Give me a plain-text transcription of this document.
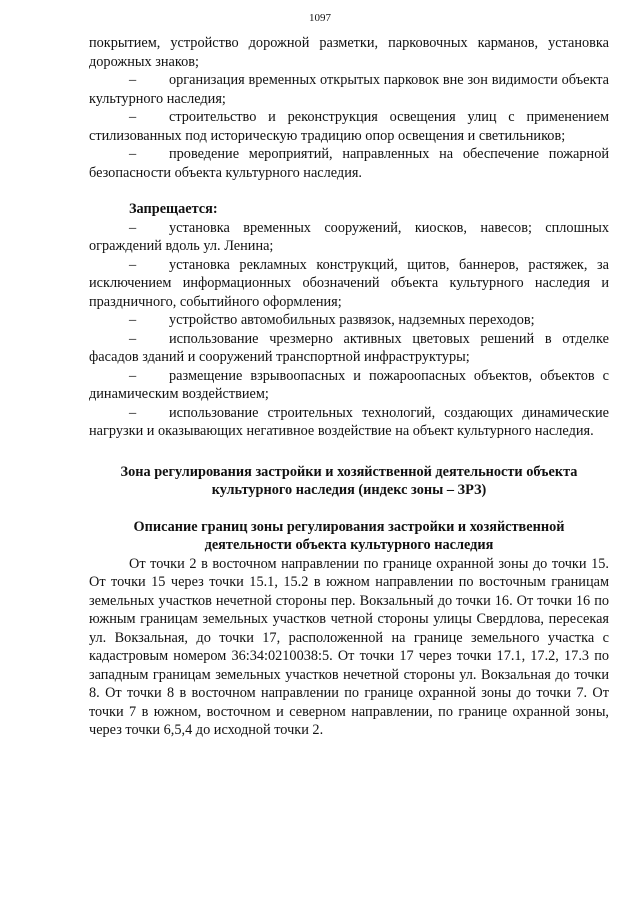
1097

покрытием, устройство дорожной разметки, парковочных карманов, установка дорожных знаков;

– организация временных открытых парковок вне зон видимости объекта культурного наследия;

– строительство и реконструкция освещения улиц с применением стилизованных под историческую традицию опор освещения и светильников;

– проведение мероприятий, направленных на обеспечение пожарной безопасности объекта культурного наследия.

Запрещается:

– установка временных сооружений, киосков, навесов; сплошных ограждений вдоль ул. Ленина;

– установка рекламных конструкций, щитов, баннеров, растяжек, за исключением информационных обозначений объекта культурного наследия и праздничного, событийного оформления;

– устройство автомобильных развязок, надземных переходов;

– использование чрезмерно активных цветовых решений в отделке фасадов зданий и сооружений транспортной инфраструктуры;

– размещение взрывоопасных и пожароопасных объектов, объектов с динамическим воздействием;

– использование строительных технологий, создающих динамические нагрузки и оказывающих негативное воздействие на объект культурного наследия.

Зона регулирования застройки и хозяйственной деятельности объекта культурного наследия (индекс зоны – ЗРЗ)

Описание границ зоны регулирования застройки и хозяйственной деятельности объекта культурного наследия

От точки 2 в восточном направлении по границе охранной зоны до точки 15. От точки 15 через точки 15.1, 15.2 в южном направлении по восточным границам земельных участков нечетной стороны пер. Вокзальный до точки 16. От точки 16 по южным границам земельных участков четной стороны улицы Свердлова, пересекая ул. Вокзальная, до точки 17, расположенной на границе земельного участка с кадастровым номером 36:34:0210038:5. От точки 17 через точки 17.1, 17.2, 17.3 по западным границам земельных участков нечетной стороны ул. Вокзальная до точки 8. От точки 8 в восточном направлении по границе охранной зоны до точки 7. От точки 7 в южном, восточном и северном направлении, по границе охранной зоны, через точки 6,5,4 до исходной точки 2.
